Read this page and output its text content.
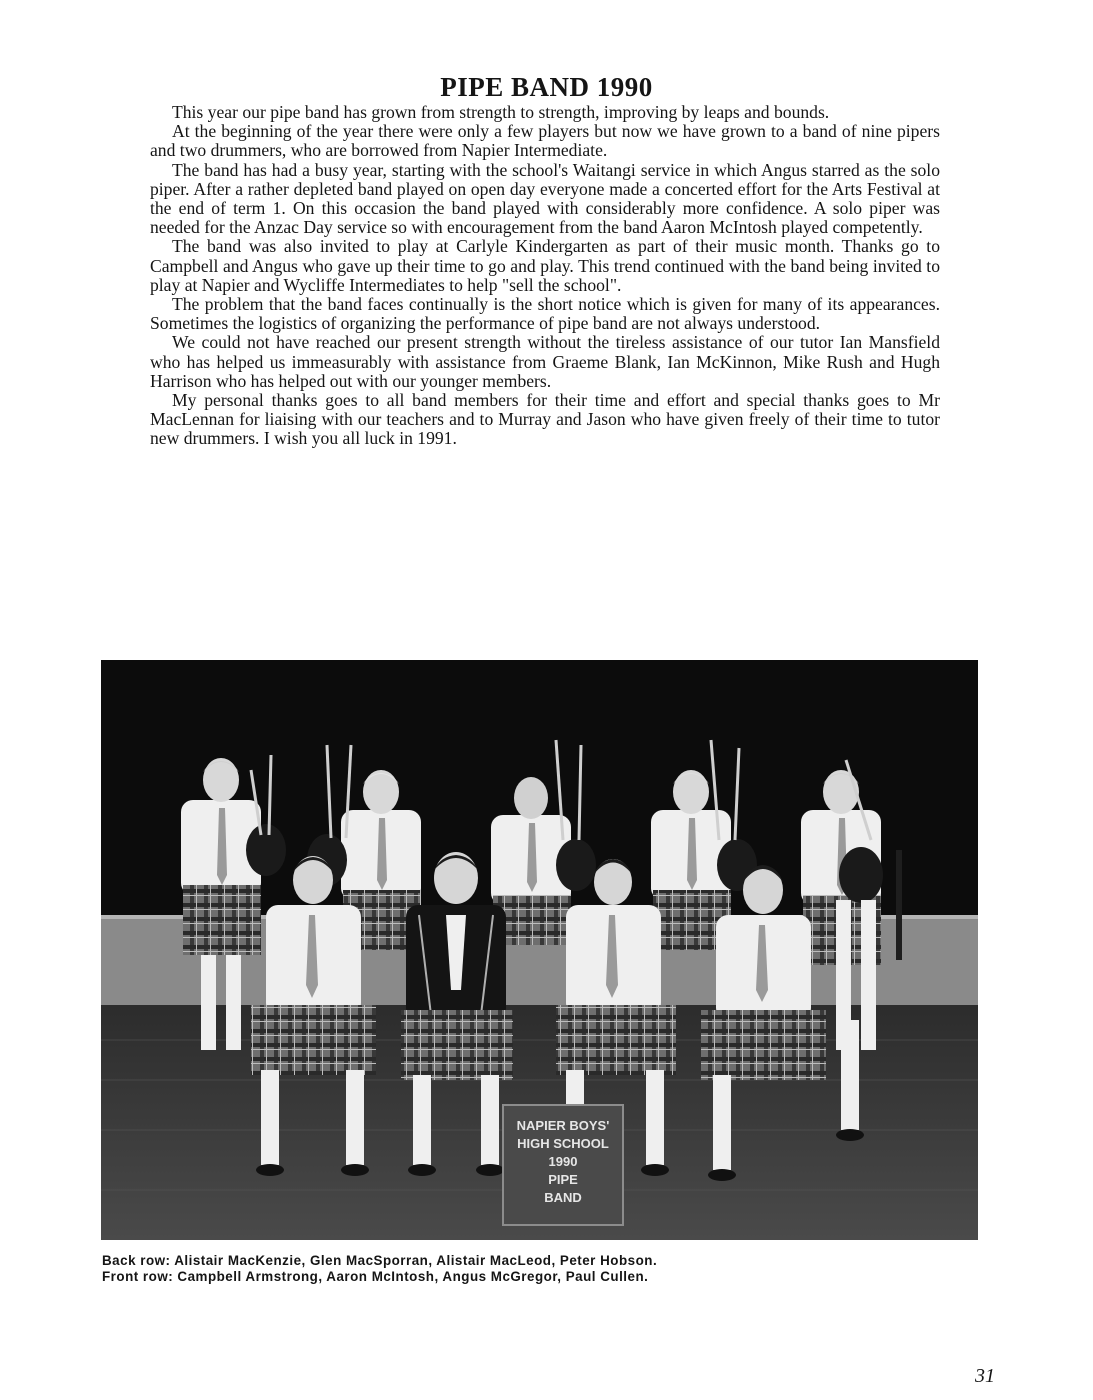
PIPE BAND 1990

This year our pipe band has grown from strength to strength, improving by leaps and bounds.

At the beginning of the year there were only a few players but now we have grown to a band of nine pipers and two drummers, who are borrowed from Napier Intermediate.

The band has had a busy year, starting with the school's Waitangi service in which Angus starred as the solo piper. After a rather depleted band played on open day everyone made a concerted effort for the Arts Festival at the end of term 1. On this occasion the band played with considerably more confidence. A solo piper was needed for the Anzac Day service so with encouragement from the band Aaron McIntosh played competently.

The band was also invited to play at Carlyle Kindergarten as part of their music month. Thanks go to Campbell and Angus who gave up their time to go and play. This trend continued with the band being invited to play at Napier and Wycliffe Intermediates to help "sell the school".

The problem that the band faces continually is the short notice which is given for many of its appearances. Sometimes the logistics of organizing the performance of pipe band are not always understood.

We could not have reached our present strength without the tireless assistance of our tutor Ian Mansfield who has helped us immeasurably with assistance from Graeme Blank, Ian McKinnon, Mike Rush and Hugh Harrison who has helped out with our younger members.

My personal thanks goes to all band members for their time and effort and special thanks goes to Mr MacLennan for liaising with our teachers and to Murray and Jason who have given freely of their time to tutor new drummers. I wish you all luck in 1991.

NAPIER BOYS'
HIGH SCHOOL
1990
PIPE
BAND
Back row: Alistair MacKenzie, Glen MacSporran, Alistair MacLeod, Peter Hobson.
Front row: Campbell Armstrong, Aaron McIntosh, Angus McGregor, Paul Cullen.
31
